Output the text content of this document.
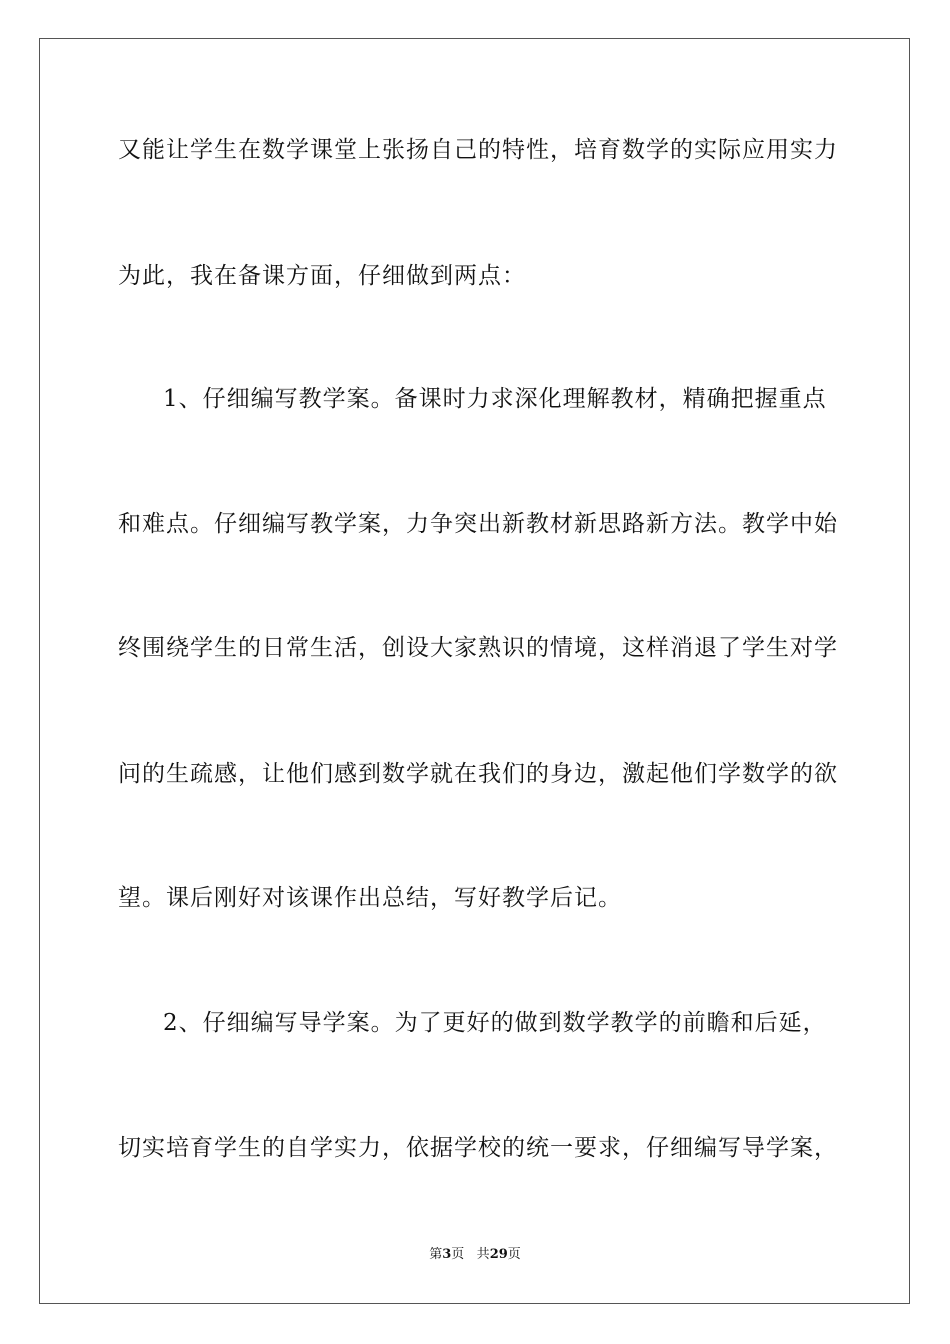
又能让学生在数学课堂上张扬自己的特性，培育数学的实际应用实力
为此，我在备课方面，仔细做到两点：
1、仔细编写教学案。备课时力求深化理解教材，精确把握重点
和难点。仔细编写教学案，力争突出新教材新思路新方法。教学中始
终围绕学生的日常生活，创设大家熟识的情境，这样消退了学生对学
问的生疏感，让他们感到数学就在我们的身边，激起他们学数学的欲
望。课后刚好对该课作出总结，写好教学后记。
2、仔细编写导学案。为了更好的做到数学教学的前瞻和后延，
切实培育学生的自学实力，依据学校的统一要求，仔细编写导学案，
第3页 共29页
